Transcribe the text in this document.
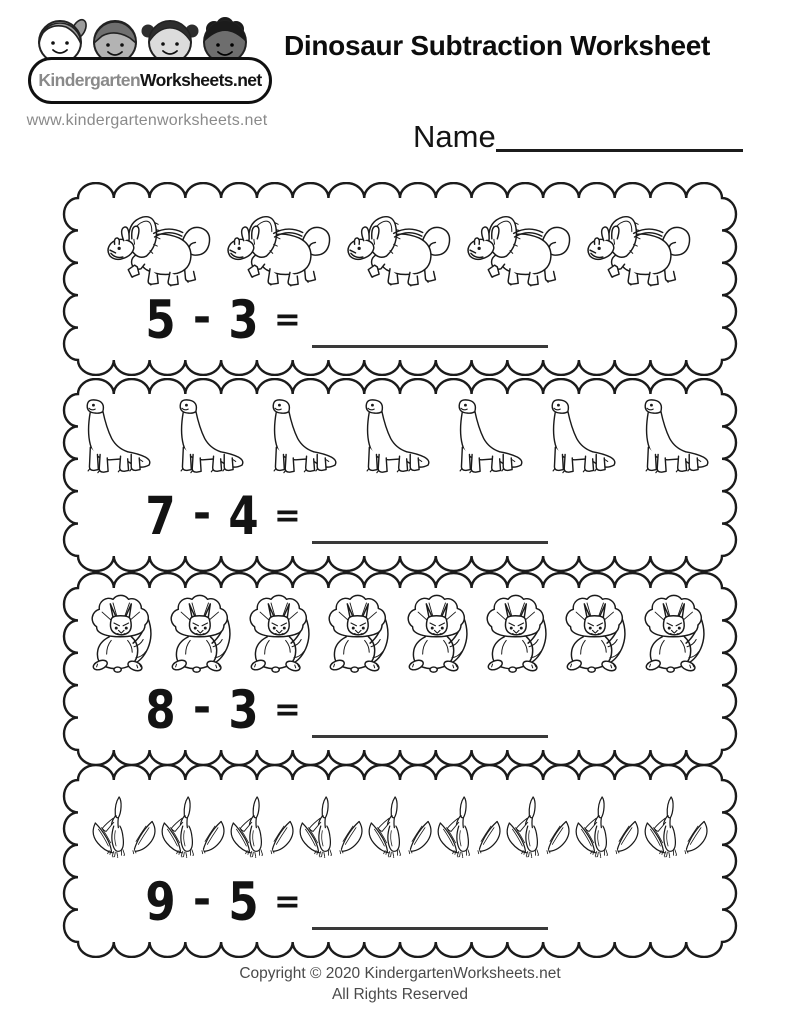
KindergartenWorksheets.net
www.kindergartenworksheets.net
Dinosaur Subtraction Worksheet
Name
5 - 3 =
7 - 4 =
8 - 3 =
9 - 5 =
Copyright © 2020 KindergartenWorksheets.net
All Rights Reserved
